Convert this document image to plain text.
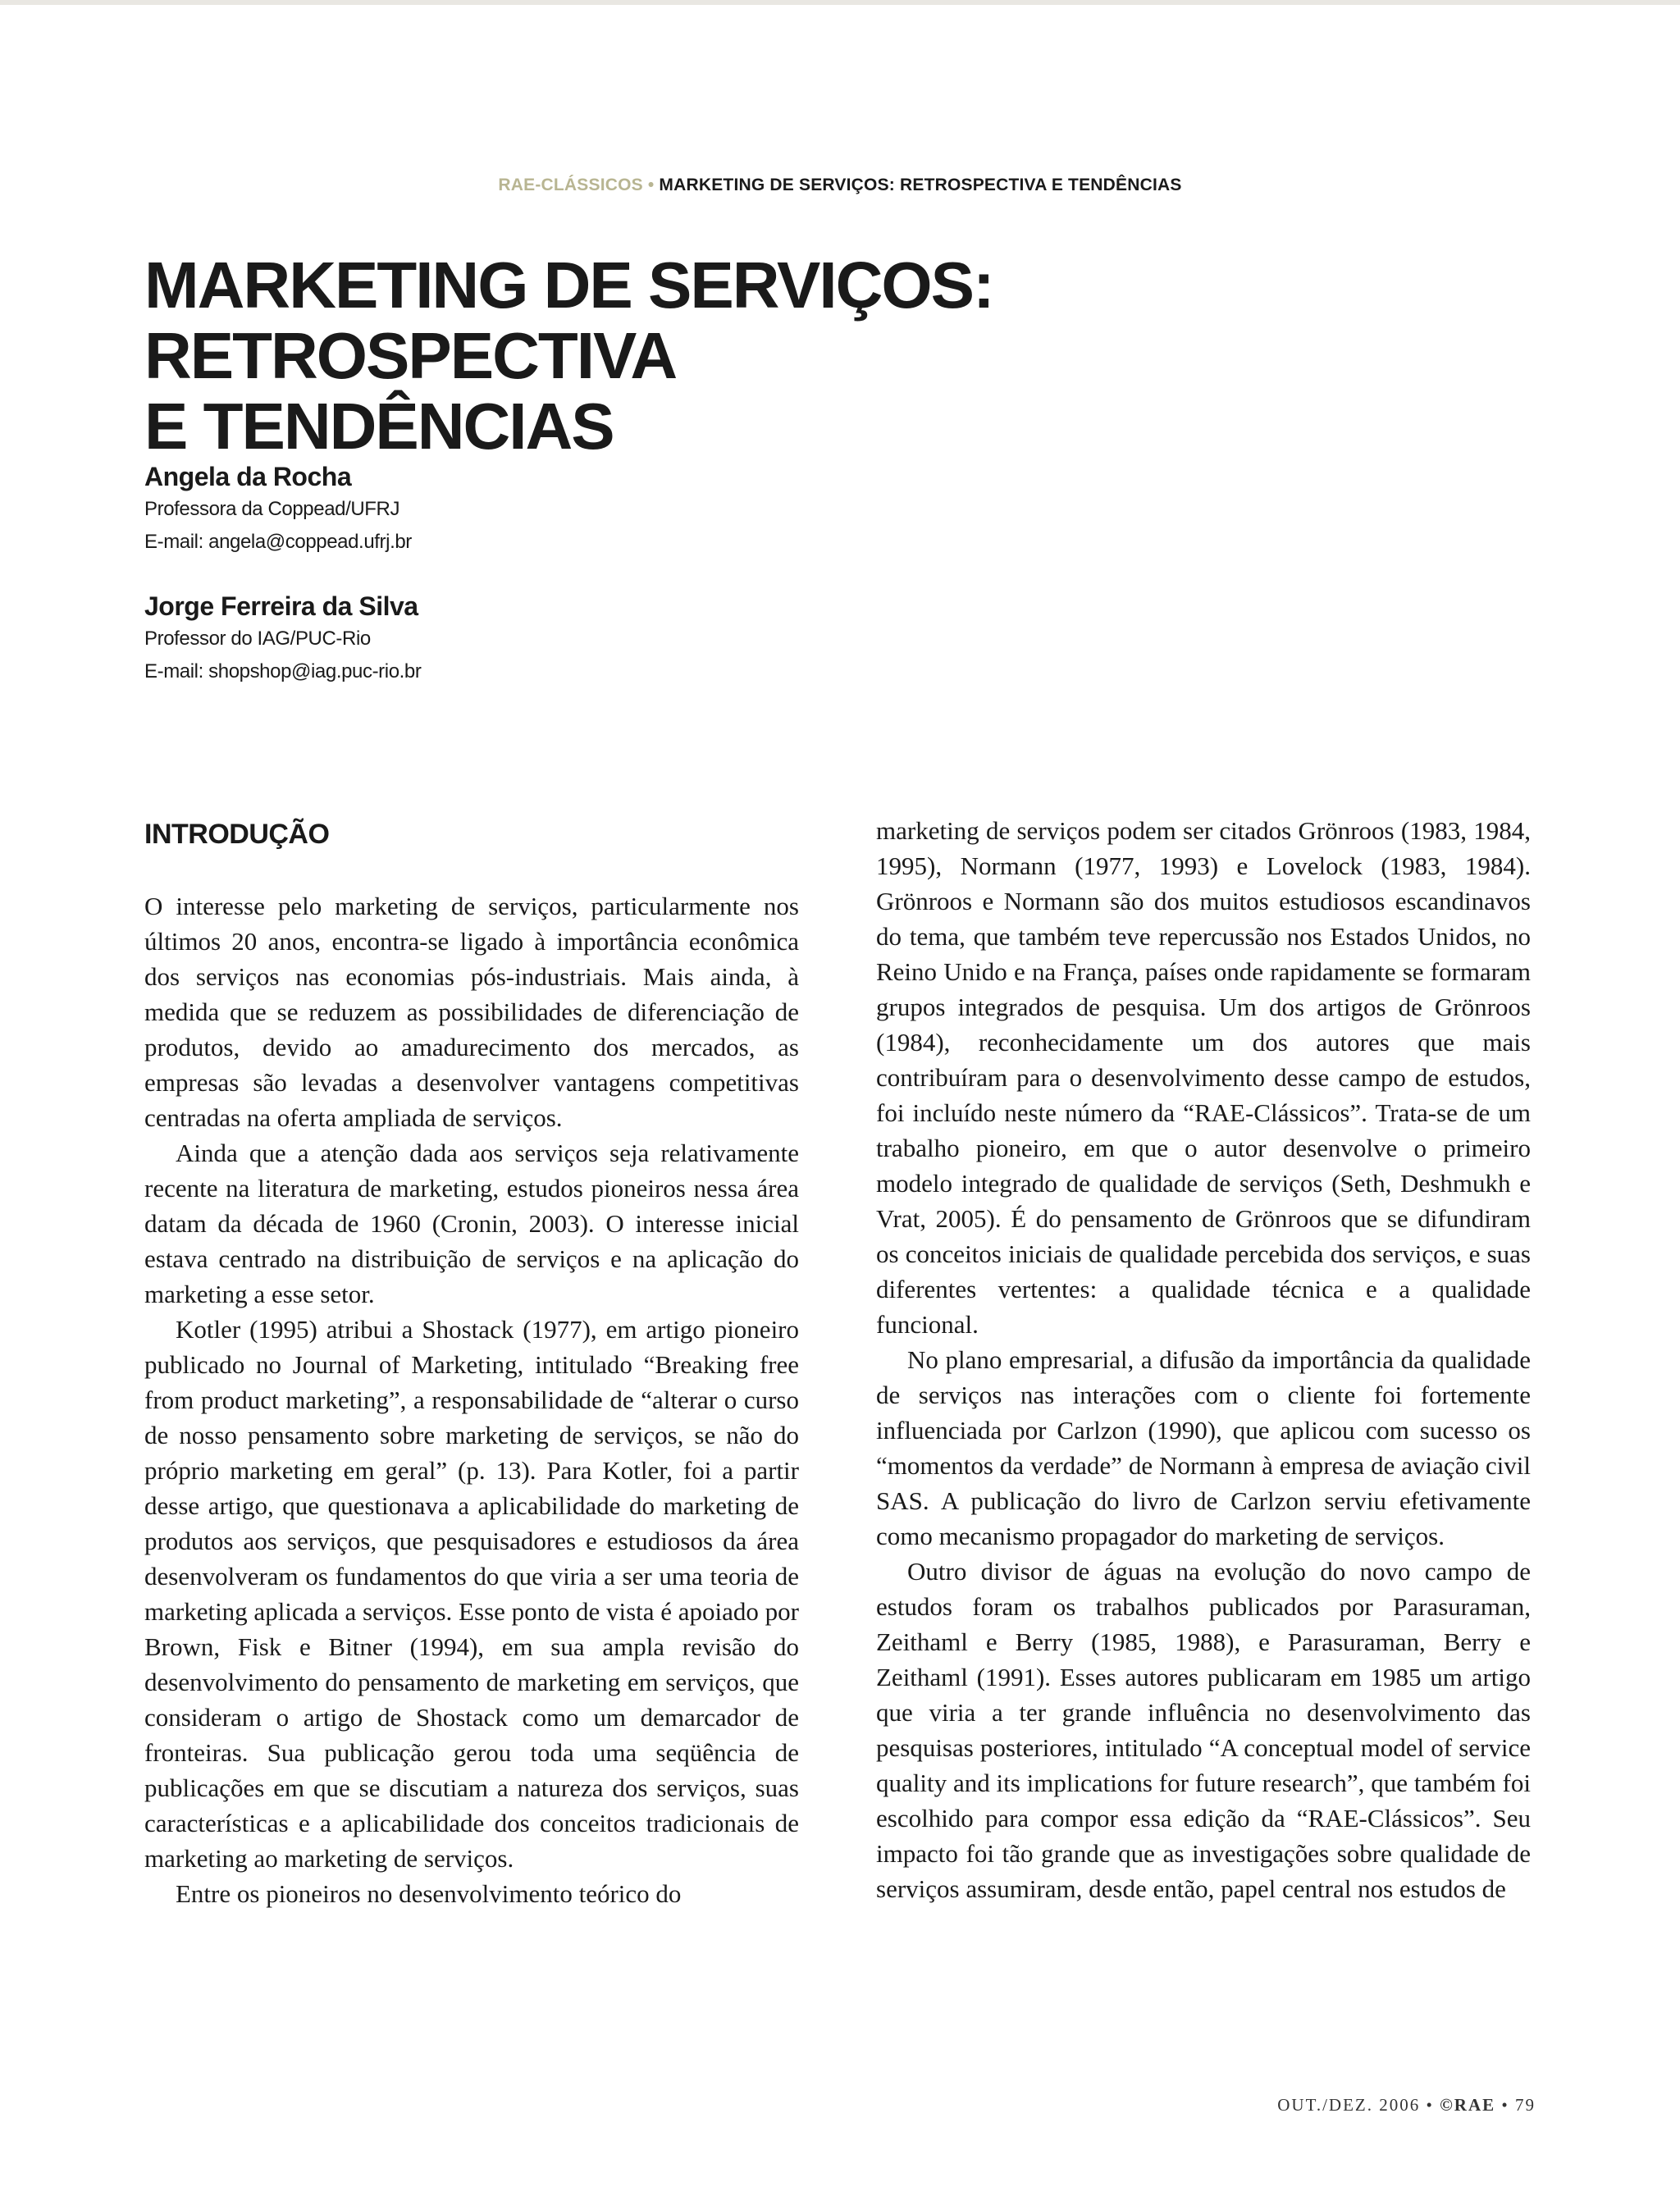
RAE-CLÁSSICOS • MARKETING DE SERVIÇOS: RETROSPECTIVA E TENDÊNCIAS
MARKETING DE SERVIÇOS: RETROSPECTIVA
E TENDÊNCIAS
Angela da Rocha
Professora da Coppead/UFRJ
E-mail: angela@coppead.ufrj.br
Jorge Ferreira da Silva
Professor do IAG/PUC-Rio
E-mail: shopshop@iag.puc-rio.br
INTRODUÇÃO

O interesse pelo marketing de serviços, particularmente nos últimos 20 anos, encontra-se ligado à importância econômica dos serviços nas economias pós-industriais. Mais ainda, à medida que se reduzem as possibilidades de diferenciação de produtos, devido ao amadurecimento dos mercados, as empresas são levadas a desenvolver vantagens competitivas centradas na oferta ampliada de serviços.

Ainda que a atenção dada aos serviços seja relativamente recente na literatura de marketing, estudos pioneiros nessa área datam da década de 1960 (Cronin, 2003). O interesse inicial estava centrado na distribuição de serviços e na aplicação do marketing a esse setor.

Kotler (1995) atribui a Shostack (1977), em artigo pioneiro publicado no Journal of Marketing, intitulado “Breaking free from product marketing”, a responsabilidade de “alterar o curso de nosso pensamento sobre marketing de serviços, se não do próprio marketing em geral” (p. 13). Para Kotler, foi a partir desse artigo, que questionava a aplicabilidade do marketing de produtos aos serviços, que pesquisadores e estudiosos da área desenvolveram os fundamentos do que viria a ser uma teoria de marketing aplicada a serviços. Esse ponto de vista é apoiado por Brown, Fisk e Bitner (1994), em sua ampla revisão do desenvolvimento do pensamento de marketing em serviços, que consideram o artigo de Shostack como um demarcador de fronteiras. Sua publicação gerou toda uma seqüência de publicações em que se discutiam a natureza dos serviços, suas características e a aplicabilidade dos conceitos tradicionais de marketing ao marketing de serviços.

Entre os pioneiros no desenvolvimento teórico do

marketing de serviços podem ser citados Grönroos (1983, 1984, 1995), Normann (1977, 1993) e Lovelock (1983, 1984). Grönroos e Normann são dos muitos estudiosos escandinavos do tema, que também teve repercussão nos Estados Unidos, no Reino Unido e na França, países onde rapidamente se formaram grupos integrados de pesquisa. Um dos artigos de Grönroos (1984), reconhecidamente um dos autores que mais contribuíram para o desenvolvimento desse campo de estudos, foi incluído neste número da “RAE-Clássicos”. Trata-se de um trabalho pioneiro, em que o autor desenvolve o primeiro modelo integrado de qualidade de serviços (Seth, Deshmukh e Vrat, 2005). É do pensamento de Grönroos que se difundiram os conceitos iniciais de qualidade percebida dos serviços, e suas diferentes vertentes: a qualidade técnica e a qualidade funcional.

No plano empresarial, a difusão da importância da qualidade de serviços nas interações com o cliente foi fortemente influenciada por Carlzon (1990), que aplicou com sucesso os “momentos da verdade” de Normann à empresa de aviação civil SAS. A publicação do livro de Carlzon serviu efetivamente como mecanismo propagador do marketing de serviços.

Outro divisor de águas na evolução do novo campo de estudos foram os trabalhos publicados por Parasuraman, Zeithaml e Berry (1985, 1988), e Parasuraman, Berry e Zeithaml (1991). Esses autores publicaram em 1985 um artigo que viria a ter grande influência no desenvolvimento das pesquisas posteriores, intitulado “A conceptual model of service quality and its implications for future research”, que também foi escolhido para compor essa edição da “RAE-Clássicos”. Seu impacto foi tão grande que as investigações sobre qualidade de serviços assumiram, desde então, papel central nos estudos de

OUT./DEZ. 2006 • ©RAE • 79
